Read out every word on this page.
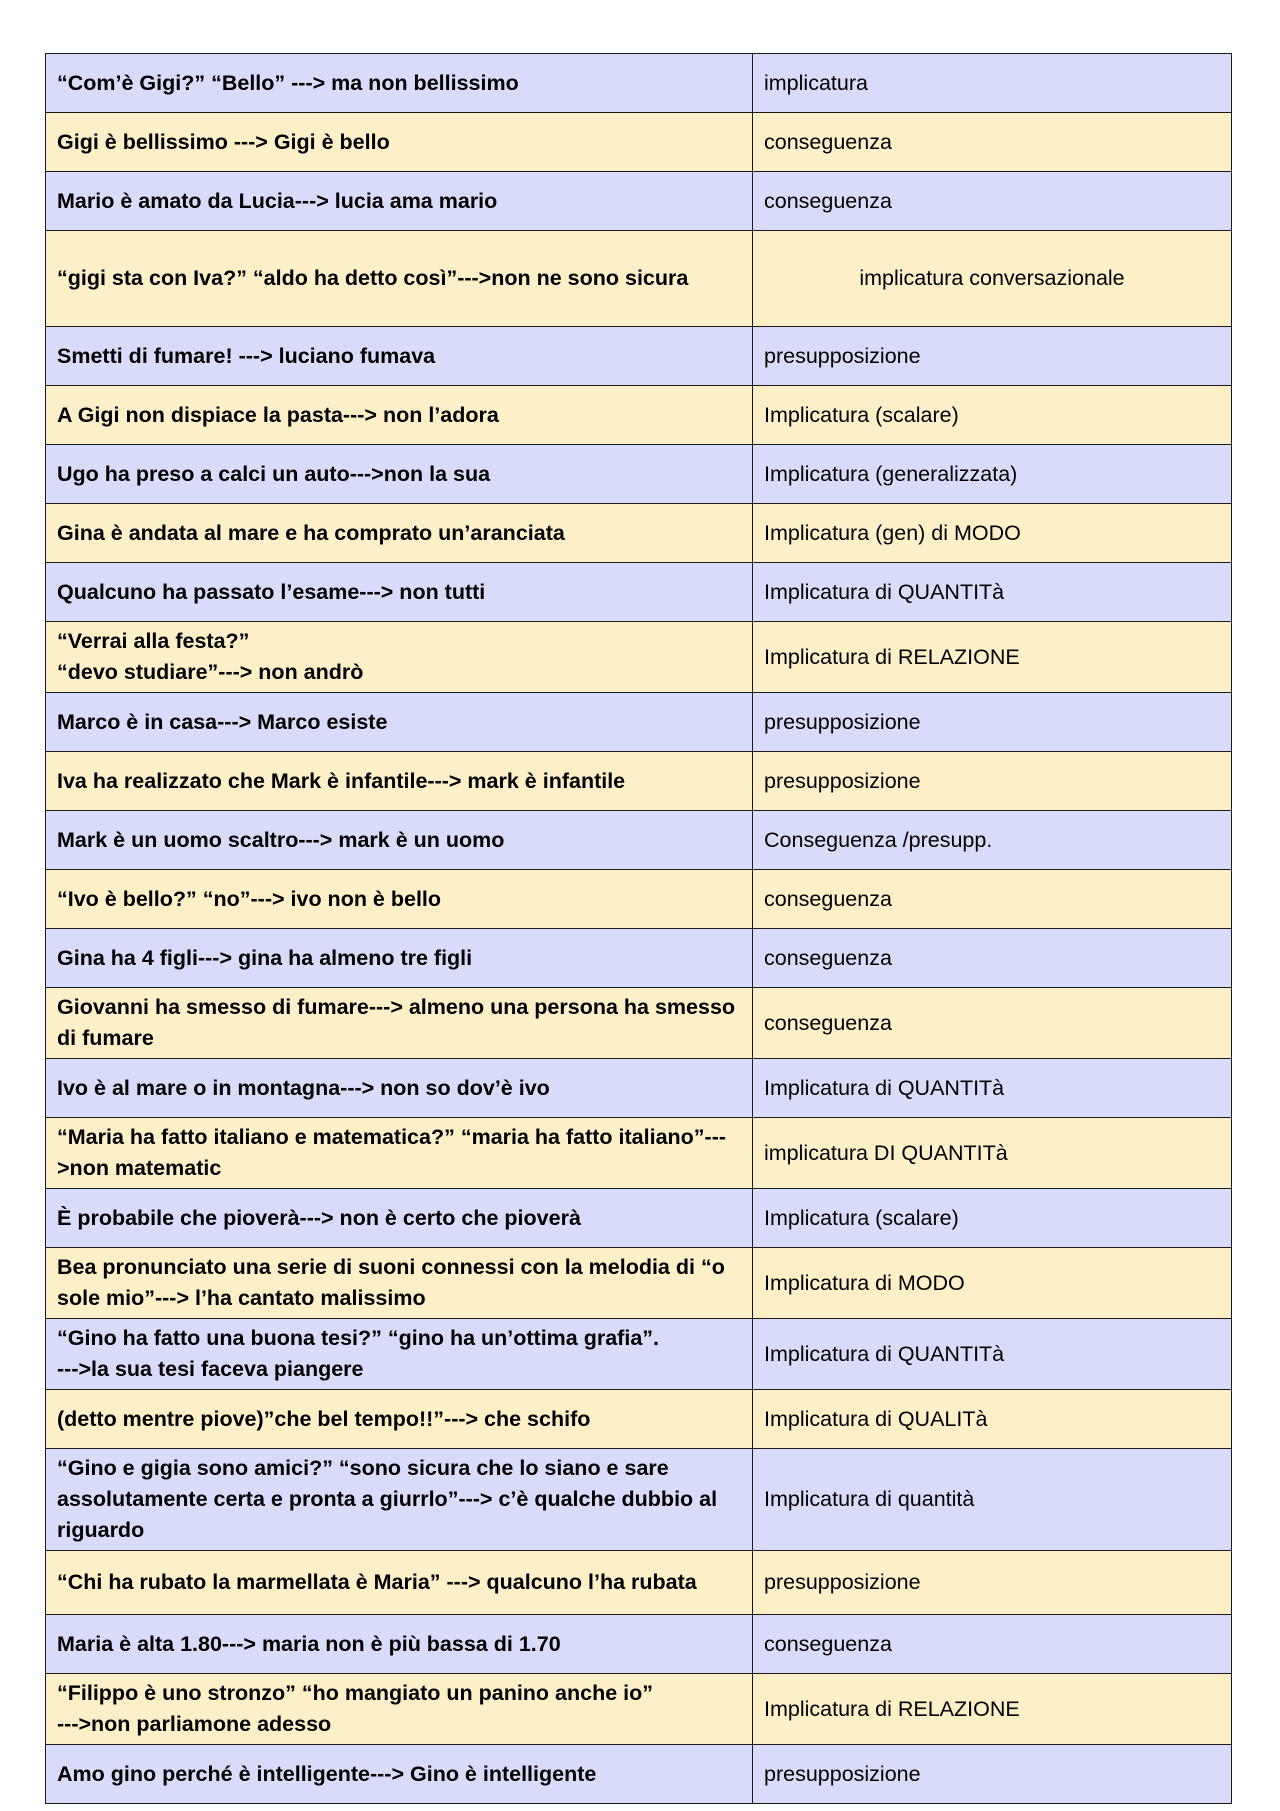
“Com’è Gigi?” “Bello” ---> ma non bellissimo	implicatura
Gigi è bellissimo ---> Gigi è bello	conseguenza
Mario è amato da Lucia---> lucia ama mario	conseguenza
“gigi sta con Iva?” “aldo ha detto così”--->non ne sono sicura	implicatura conversazionale
Smetti di fumare! ---> luciano fumava	presupposizione
A Gigi non dispiace la pasta---> non l’adora	Implicatura (scalare)
Ugo ha preso a calci un auto--->non la sua	Implicatura (generalizzata)
Gina è andata al mare e ha comprato un’aranciata	Implicatura (gen) di MODO
Qualcuno ha passato l’esame---> non tutti	Implicatura di QUANTITà
“Verrai alla festa?”
“devo studiare”---> non andrò	Implicatura di RELAZIONE
Marco è in casa---> Marco esiste	presupposizione
Iva ha realizzato che Mark è infantile---> mark è infantile	presupposizione
Mark è un uomo scaltro---> mark è un uomo	Conseguenza /presupp.
“Ivo è bello?” “no”---> ivo non è bello	conseguenza
Gina ha 4 figli---> gina ha almeno tre figli	conseguenza
Giovanni ha smesso di fumare---> almeno una persona ha smesso di fumare	conseguenza
Ivo è al mare o in montagna---> non so dov’è ivo	Implicatura di QUANTITà
“Maria ha fatto italiano e matematica?” “maria ha fatto italiano”--->non matematic	implicatura DI QUANTITà
È probabile che pioverà---> non è certo che pioverà	Implicatura (scalare)
Bea pronunciato una serie di suoni connessi con la melodia di “o sole mio”---> l’ha cantato malissimo	Implicatura di MODO
“Gino ha fatto una buona tesi?” “gino ha un’ottima grafia”.
--->la sua tesi faceva piangere	Implicatura di QUANTITà
(detto mentre piove)”che bel tempo!!”---> che schifo	Implicatura di QUALITà
“Gino e gigia sono amici?” “sono sicura che lo siano e sare assolutamente certa e pronta a giurrlo”---> c’è qualche dubbio al riguardo	Implicatura di quantità
“Chi ha rubato la marmellata è Maria” ---> qualcuno l’ha rubata	presupposizione
Maria è alta 1.80---> maria non è più bassa di 1.70	conseguenza
“Filippo è uno stronzo” “ho mangiato un panino anche io”
--->non parliamone adesso	Implicatura di RELAZIONE
Amo gino perché è intelligente---> Gino è intelligente	presupposizione
